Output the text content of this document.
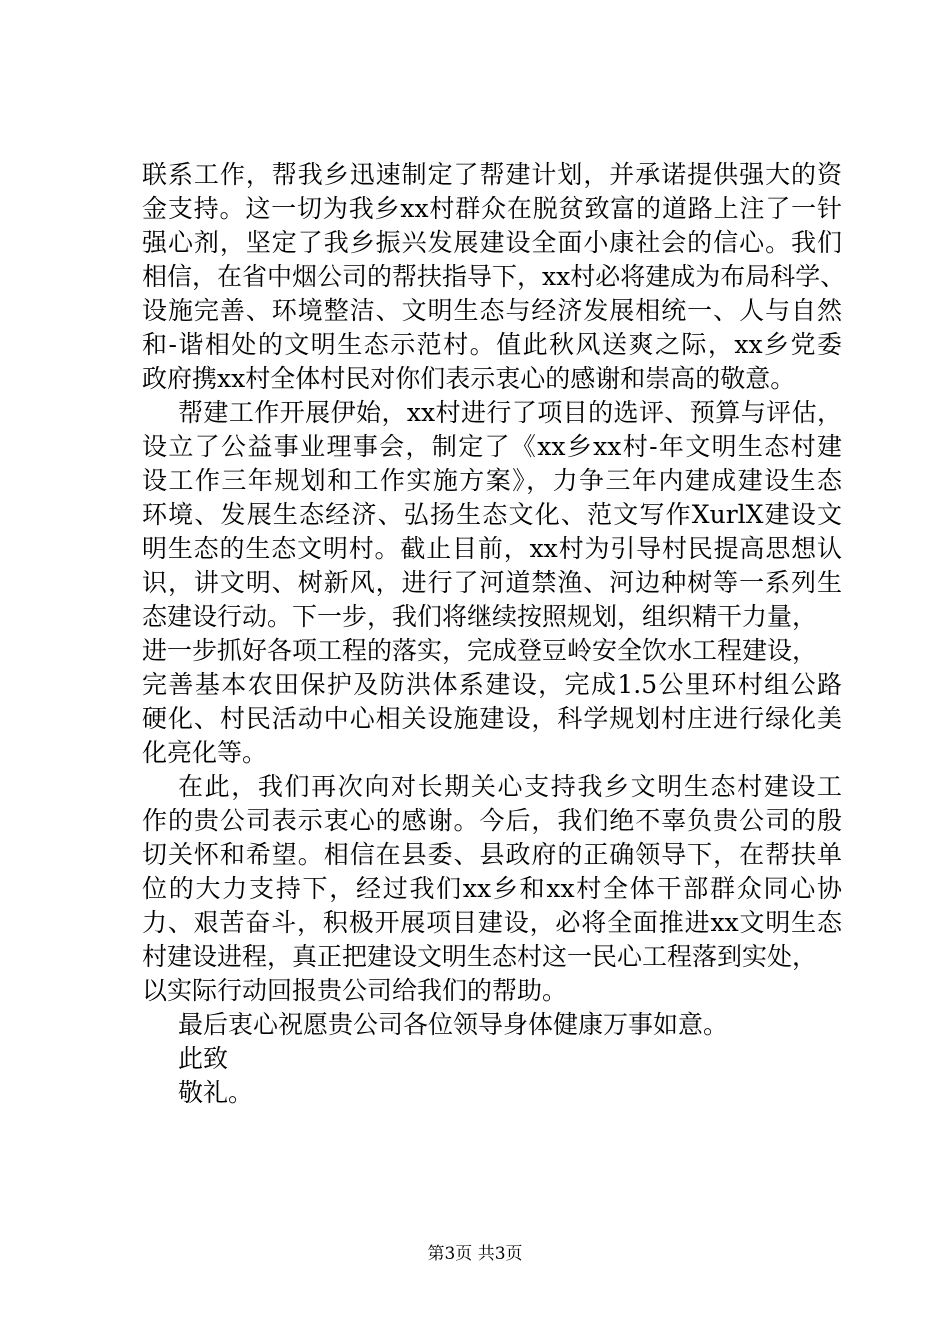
联系工作，帮我乡迅速制定了帮建计划，并承诺提供强大的资
金支持。这一切为我乡xx村群众在脱贫致富的道路上注了一针
强心剂，坚定了我乡振兴发展建设全面小康社会的信心。我们
相信，在省中烟公司的帮扶指导下，xx村必将建成为布局科学、
设施完善、环境整洁、文明生态与经济发展相统一、人与自然
和-谐相处的文明生态示范村。值此秋风送爽之际，xx乡党委
政府携xx村全体村民对你们表示衷心的感谢和崇高的敬意。
帮建工作开展伊始，xx村进行了项目的选评、预算与评估，
设立了公益事业理事会，制定了《xx乡xx村-年文明生态村建
设工作三年规划和工作实施方案》，力争三年内建成建设生态
环境、发展生态经济、弘扬生态文化、范文写作XurlX建设文
明生态的生态文明村。截止目前，xx村为引导村民提高思想认
识，讲文明、树新风，进行了河道禁渔、河边种树等一系列生
态建设行动。下一步，我们将继续按照规划，组织精干力量，
进一步抓好各项工程的落实，完成登豆岭安全饮水工程建设，
完善基本农田保护及防洪体系建设，完成1.5公里环村组公路
硬化、村民活动中心相关设施建设，科学规划村庄进行绿化美
化亮化等。
在此，我们再次向对长期关心支持我乡文明生态村建设工
作的贵公司表示衷心的感谢。今后，我们绝不辜负贵公司的殷
切关怀和希望。相信在县委、县政府的正确领导下，在帮扶单
位的大力支持下，经过我们xx乡和xx村全体干部群众同心协
力、艰苦奋斗，积极开展项目建设，必将全面推进xx文明生态
村建设进程，真正把建设文明生态村这一民心工程落到实处，
以实际行动回报贵公司给我们的帮助。
最后衷心祝愿贵公司各位领导身体健康万事如意。
此致
敬礼。
第3页 共3页
